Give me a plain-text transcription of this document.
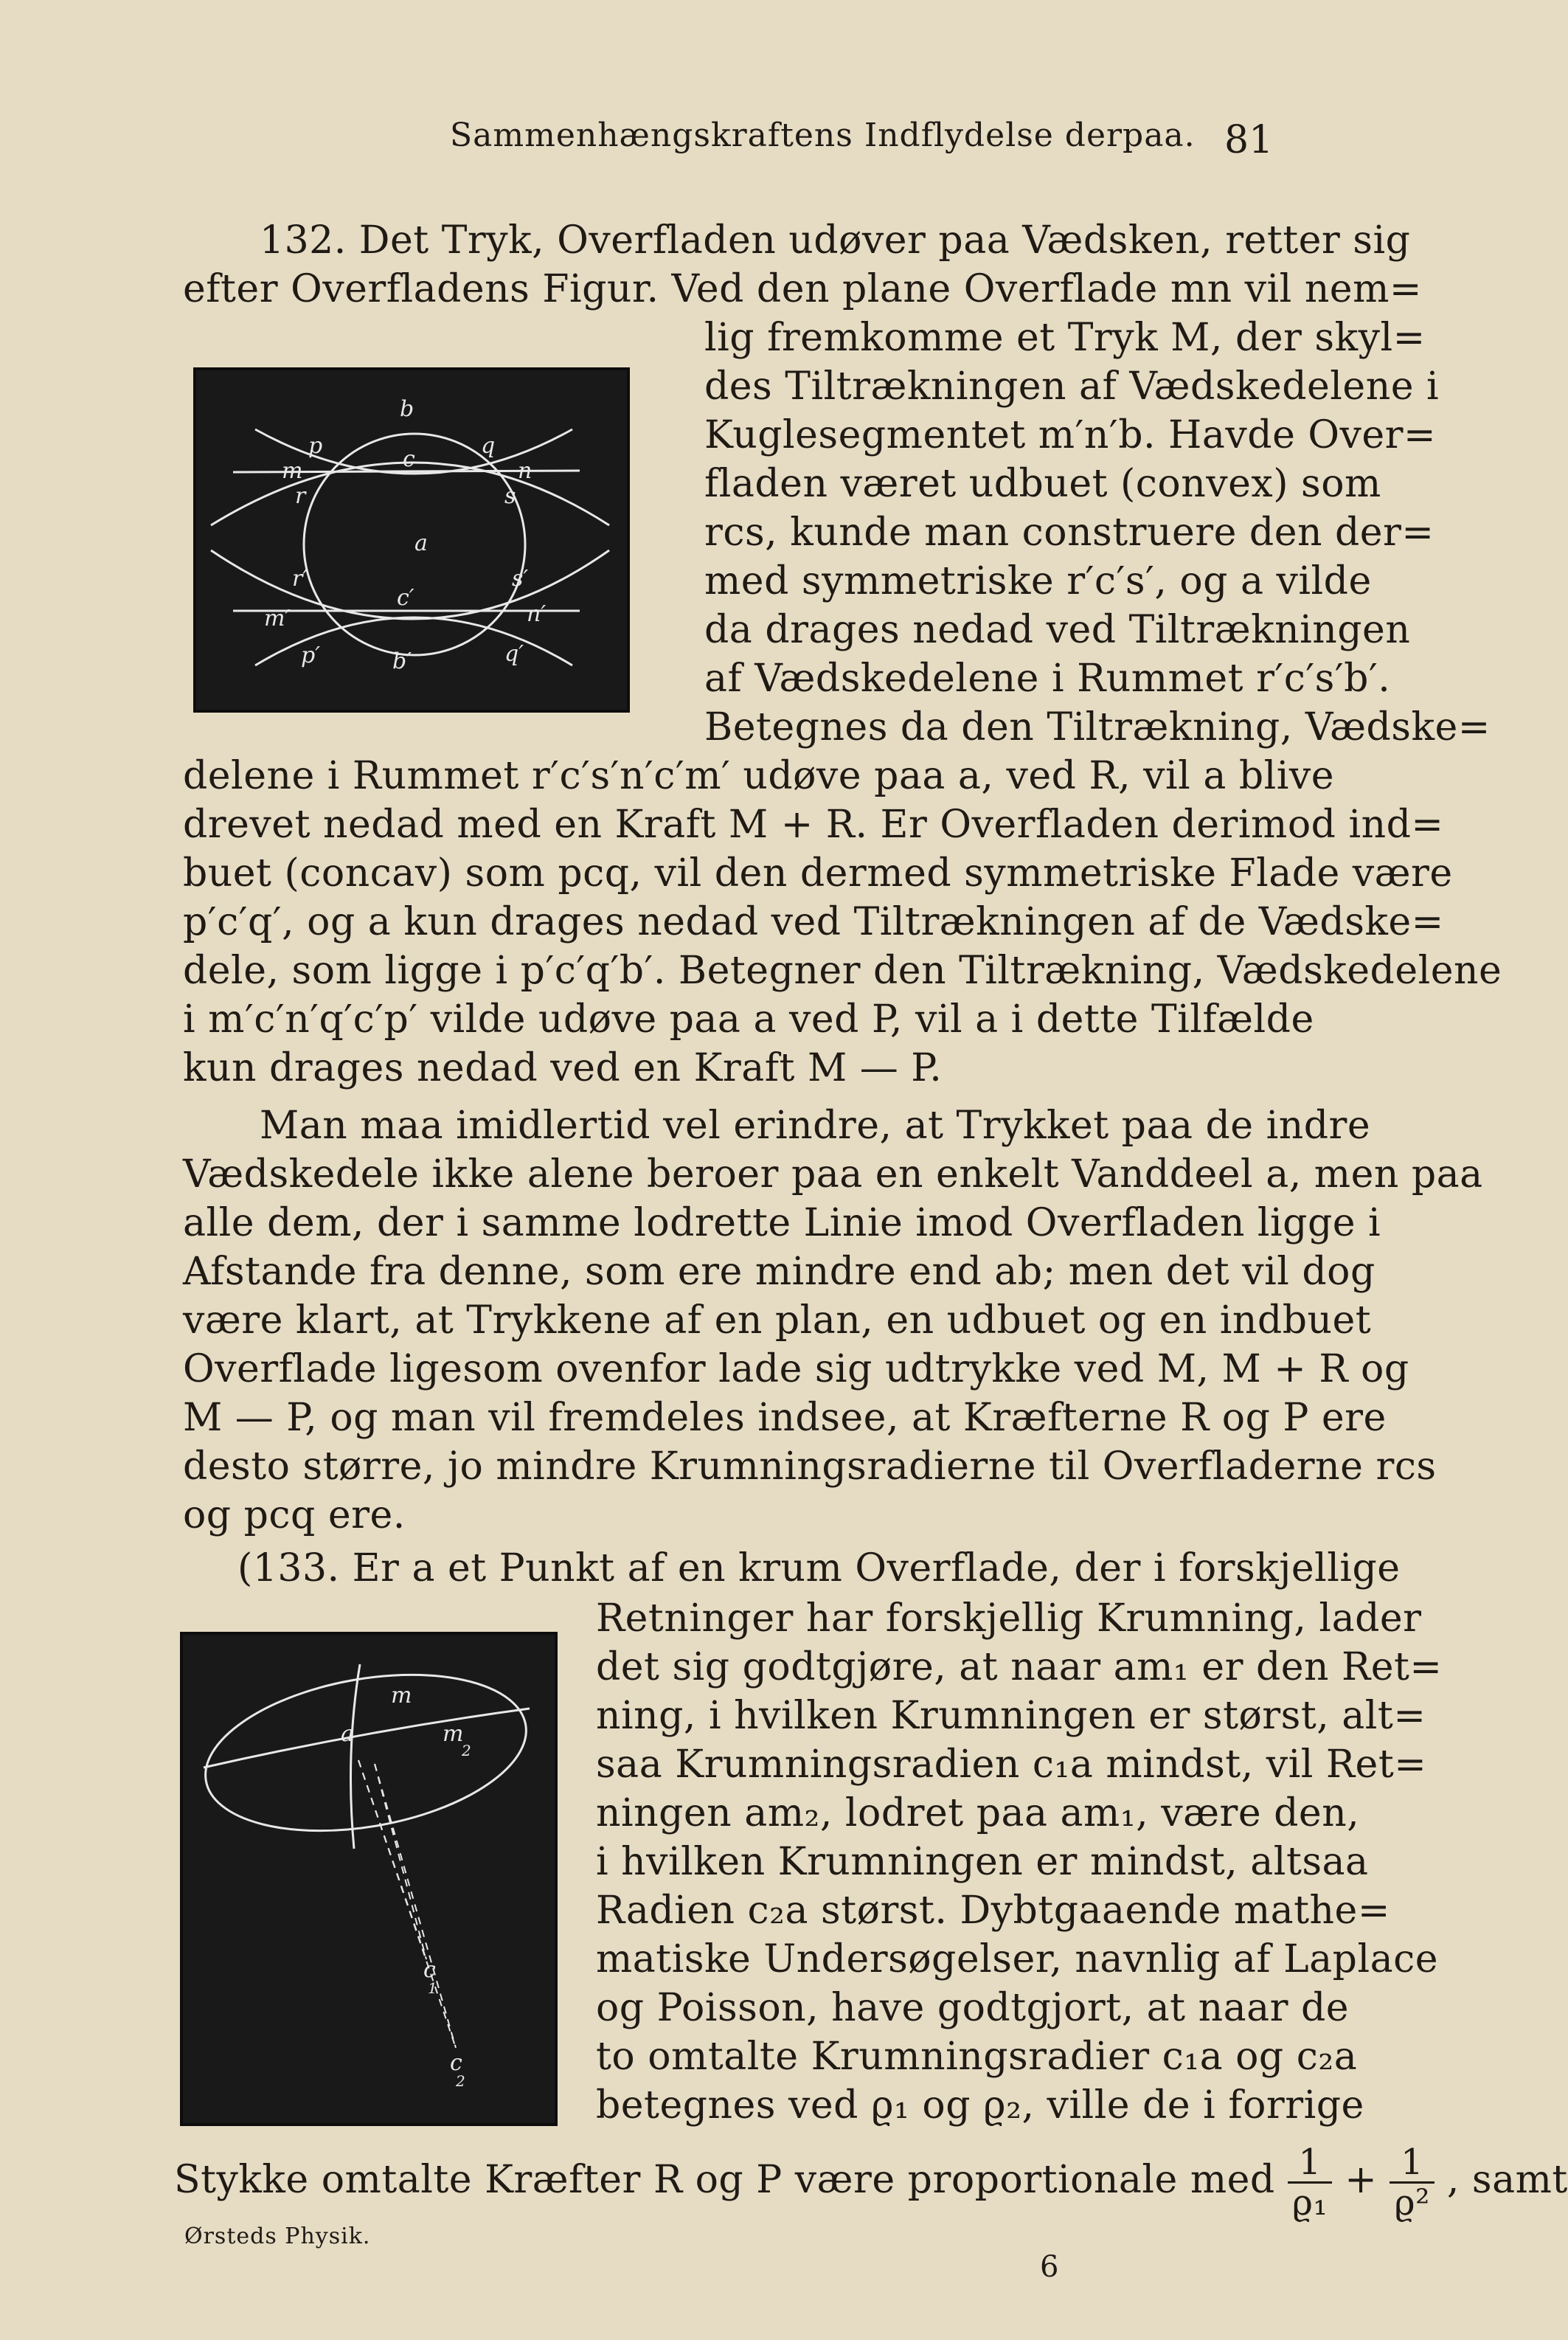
Sammenhængskraftens Indflydelse derpaa. 81
132. Det Tryk, Overfladen udøver paa Vædsken, retter sig
efter Overfladens Figur. Ved den plane Overflade mn vil nem=
lig fremkomme et Tryk M, der skyl=
des Tiltrækningen af Vædskedelene i
Kuglesegmentet m′n′b. Havde Over=
fladen været udbuet (convex) som
rcs, kunde man construere den der=
med symmetriske r′c′s′, og a vilde
da drages nedad ved Tiltrækningen
af Vædskedelene i Rummet r′c′s′b′.
Betegnes da den Tiltrækning, Vædske=
delene i Rummet r′c′s′n′c′m′ udøve paa a, ved R, vil a blive
drevet nedad med en Kraft M + R. Er Overfladen derimod ind=
buet (concav) som pcq, vil den dermed symmetriske Flade være
p′c′q′, og a kun drages nedad ved Tiltrækningen af de Vædske=
dele, som ligge i p′c′q′b′. Betegner den Tiltrækning, Vædskedelene
i m′c′n′q′c′p′ vilde udøve paa a ved P, vil a i dette Tilfælde
kun drages nedad ved en Kraft M — P.
Man maa imidlertid vel erindre, at Trykket paa de indre
Vædskedele ikke alene beroer paa en enkelt Vanddeel a, men paa
alle dem, der i samme lodrette Linie imod Overfladen ligge i
Afstande fra denne, som ere mindre end ab; men det vil dog
være klart, at Trykkene af en plan, en udbuet og en indbuet
Overflade ligesom ovenfor lade sig udtrykke ved M, M + R og
M — P, og man vil fremdeles indsee, at Kræfterne R og P ere
desto større, jo mindre Krumningsradierne til Overfladerne rcs
og pcq ere.
b
p	q
m	c	n
r	s
a
r′	s′
c′
m′	n′
p′	b′	q′
(133. Er a et Punkt af en krum Overflade, der i forskjellige
Retninger har forskjellig Krumning, lader
det sig godtgjøre, at naar am₁ er den Ret=
ning, i hvilken Krumningen er størst, alt=
saa Krumningsradien c₁a mindst, vil Ret=
ningen am₂, lodret paa am₁, være den,
i hvilken Krumningen er mindst, altsaa
Radien c₂a størst. Dybtgaaende mathe=
matiske Undersøgelser, navnlig af Laplace
og Poisson, have godtgjort, at naar de
to omtalte Krumningsradier c₁a og c₂a
betegnes ved ϱ₁ og ϱ₂, ville de i forrige
Stykke omtalte Kræfter R og P være proportionale med $\frac{1}{\text{ϱ₁}} + \frac{1}{\text{ϱ²}}$ , samt
m
a	m
2
c
1
c
2
Ørsteds Physik.
6
